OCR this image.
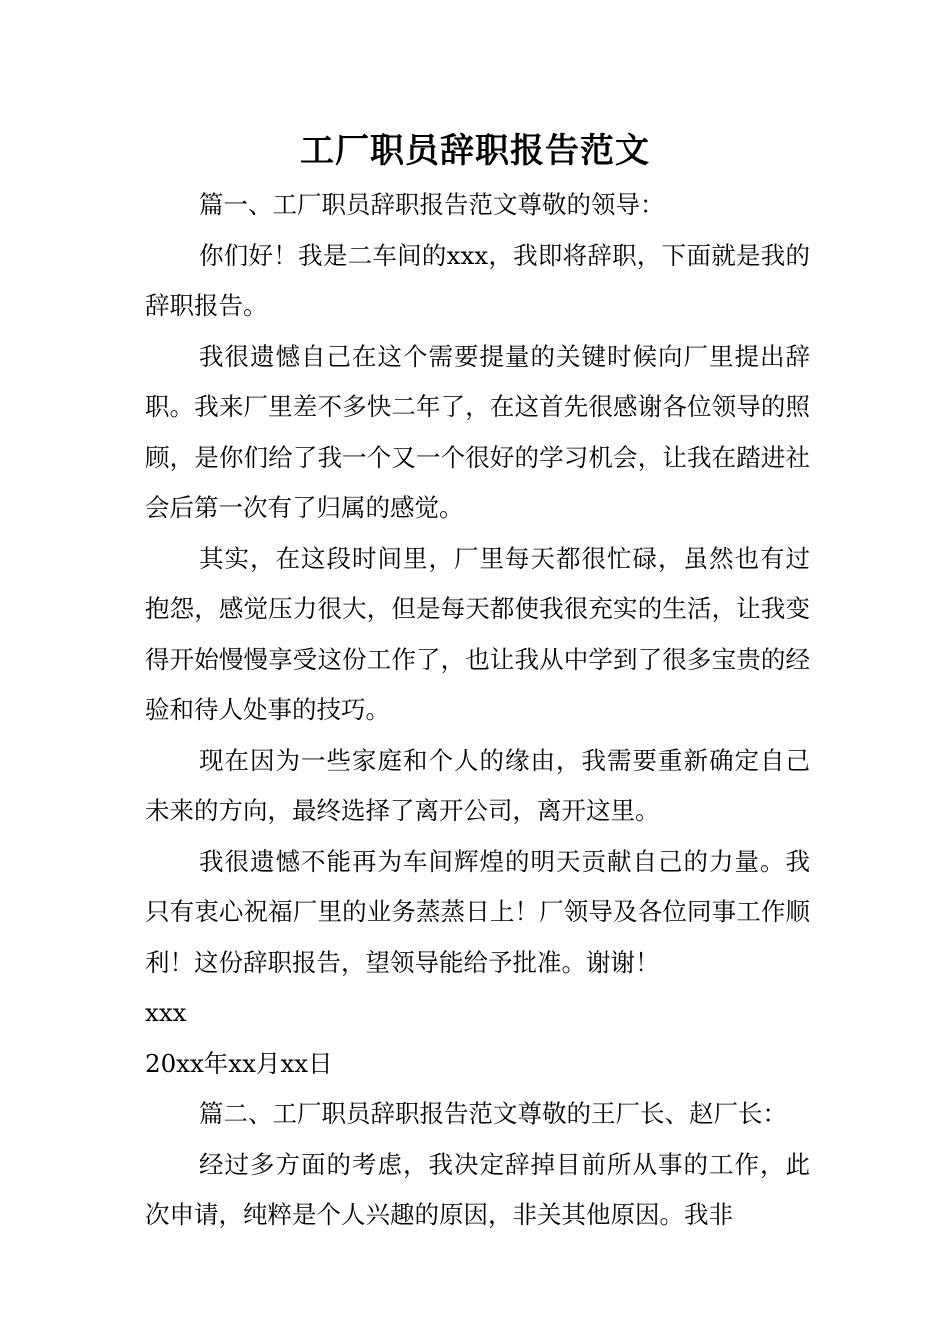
工厂职员辞职报告范文

篇一、工厂职员辞职报告范文尊敬的领导：

你们好！我是二车间的xxx，我即将辞职，下面就是我的辞职报告。

我很遗憾自己在这个需要提量的关键时候向厂里提出辞职。我来厂里差不多快二年了，在这首先很感谢各位领导的照顾，是你们给了我一个又一个很好的学习机会，让我在踏进社会后第一次有了归属的感觉。

其实，在这段时间里，厂里每天都很忙碌，虽然也有过抱怨，感觉压力很大，但是每天都使我很充实的生活，让我变得开始慢慢享受这份工作了，也让我从中学到了很多宝贵的经验和待人处事的技巧。

现在因为一些家庭和个人的缘由，我需要重新确定自己未来的方向，最终选择了离开公司，离开这里。

我很遗憾不能再为车间辉煌的明天贡献自己的力量。我只有衷心祝福厂里的业务蒸蒸日上！厂领导及各位同事工作顺利！这份辞职报告，望领导能给予批准。谢谢！

xxx

20xx年xx月xx日

篇二、工厂职员辞职报告范文尊敬的王厂长、赵厂长：

经过多方面的考虑，我决定辞掉目前所从事的工作，此次申请，纯粹是个人兴趣的原因，非关其他原因。我非
